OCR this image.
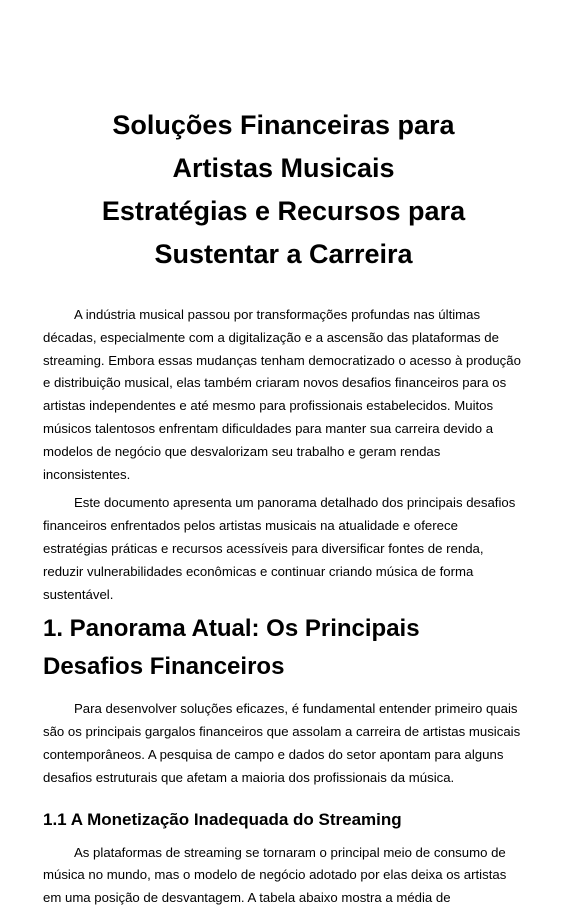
Soluções Financeiras para
Artistas Musicais
Estratégias e Recursos para
Sustentar a Carreira

A indústria musical passou por transformações profundas nas últimas décadas, especialmente com a digitalização e a ascensão das plataformas de streaming. Embora essas mudanças tenham democratizado o acesso à produção e distribuição musical, elas também criaram novos desafios financeiros para os artistas independentes e até mesmo para profissionais estabelecidos. Muitos músicos talentosos enfrentam dificuldades para manter sua carreira devido a modelos de negócio que desvalorizam seu trabalho e geram rendas inconsistentes.

Este documento apresenta um panorama detalhado dos principais desafios financeiros enfrentados pelos artistas musicais na atualidade e oferece estratégias práticas e recursos acessíveis para diversificar fontes de renda, reduzir vulnerabilidades econômicas e continuar criando música de forma sustentável.

1. Panorama Atual: Os Principais Desafios Financeiros

Para desenvolver soluções eficazes, é fundamental entender primeiro quais são os principais gargalos financeiros que assolam a carreira de artistas musicais contemporâneos. A pesquisa de campo e dados do setor apontam para alguns desafios estruturais que afetam a maioria dos profissionais da música.

1.1 A Monetização Inadequada do Streaming

As plataformas de streaming se tornaram o principal meio de consumo de música no mundo, mas o modelo de negócio adotado por elas deixa os artistas em uma posição de desvantagem. A tabela abaixo mostra a média de
